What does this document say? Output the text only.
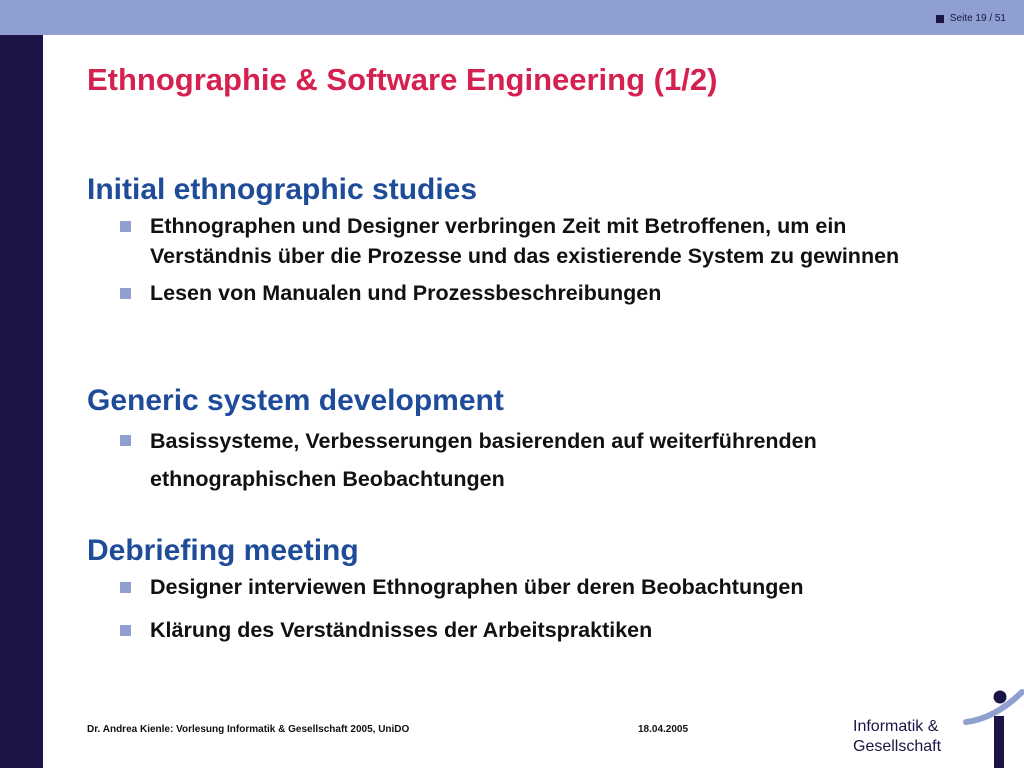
Seite 19 / 51
Ethnographie & Software Engineering (1/2)
Initial ethnographic studies
Ethnographen und Designer verbringen Zeit mit Betroffenen, um ein Verständnis über die Prozesse und das existierende System zu gewinnen
Lesen von Manualen und Prozessbeschreibungen
Generic system development
Basissysteme, Verbesserungen basierenden auf weiterführenden ethnographischen Beobachtungen
Debriefing meeting
Designer interviewen Ethnographen über deren Beobachtungen
Klärung des Verständnisses der Arbeitspraktiken
Dr. Andrea Kienle: Vorlesung Informatik & Gesellschaft 2005, UniDO	18.04.2005	Informatik &
Gesellschaft
